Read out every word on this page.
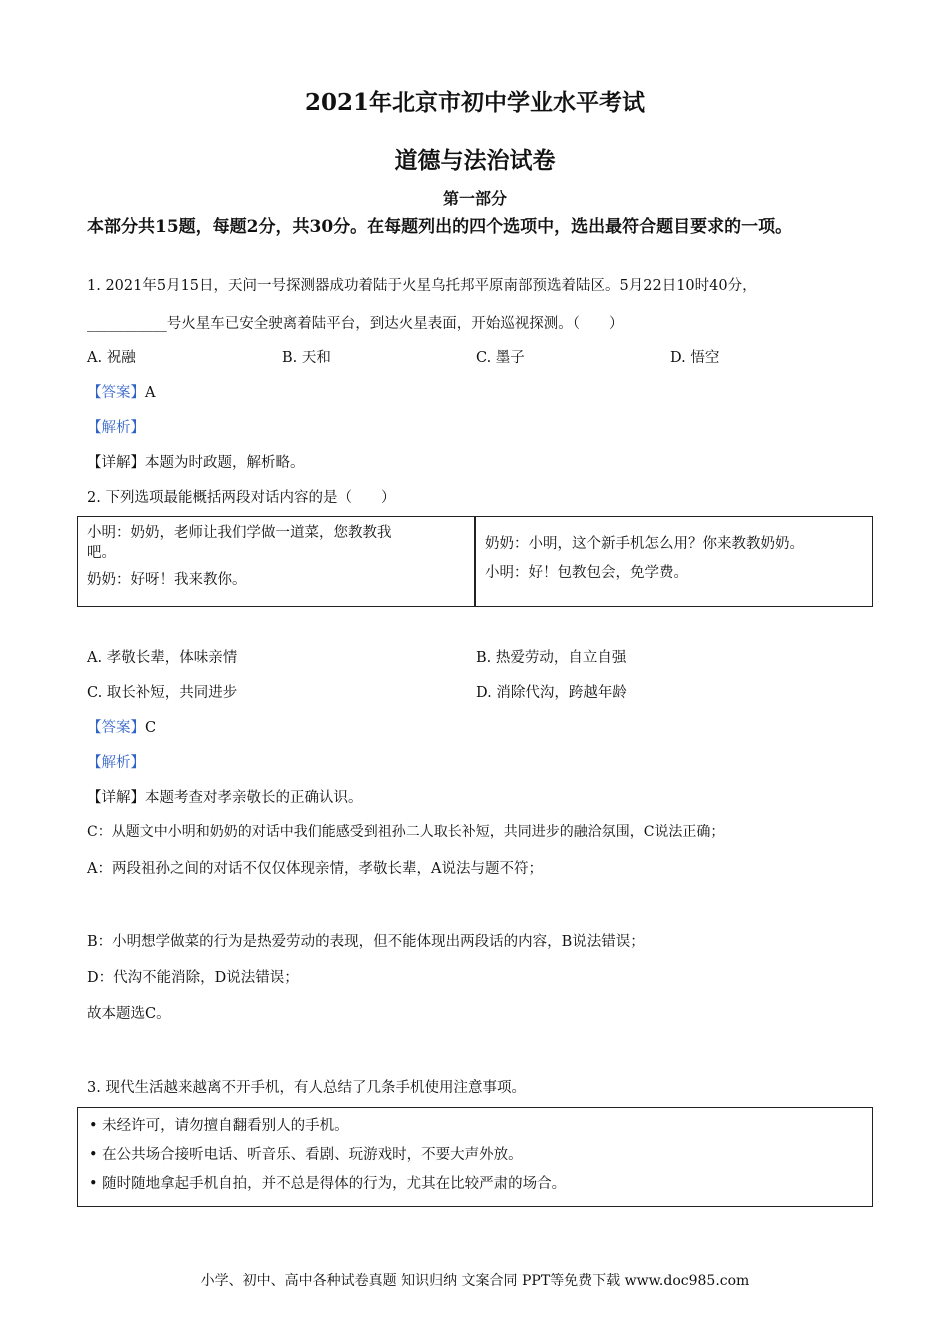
2021年北京市初中学业水平考试
道德与法治试卷
第一部分
本部分共15题，每题2分，共30分。在每题列出的四个选项中，选出最符合题目要求的一项。
1. 2021年5月15日，天问一号探测器成功着陆于火星乌托邦平原南部预选着陆区。5月22日10时40分，
___________号火星车已安全驶离着陆平台，到达火星表面，开始巡视探测。（　　）
A. 祝融	B. 天和	C. 墨子	D. 悟空
【答案】A
【解析】
【详解】本题为时政题，解析略。
2. 下列选项最能概括两段对话内容的是（　　）
小明：奶奶，老师让我们学做一道菜，您教教我
吧。
奶奶：好呀！我来教你。
奶奶：小明，这个新手机怎么用？你来教教奶奶。
小明：好！包教包会，免学费。
A. 孝敬长辈，体味亲情	B. 热爱劳动，自立自强
C. 取长补短，共同进步	D. 消除代沟，跨越年龄
【答案】C
【解析】
【详解】本题考查对孝亲敬长的正确认识。
C：从题文中小明和奶奶的对话中我们能感受到祖孙二人取长补短，共同进步的融洽氛围，C说法正确；
A：两段祖孙之间的对话不仅仅体现亲情，孝敬长辈，A说法与题不符；
B：小明想学做菜的行为是热爱劳动的表现，但不能体现出两段话的内容，B说法错误；
D：代沟不能消除，D说法错误；
故本题选C。
3. 现代生活越来越离不开手机，有人总结了几条手机使用注意事项。
• 未经许可，请勿擅自翻看别人的手机。
• 在公共场合接听电话、听音乐、看剧、玩游戏时，不要大声外放。
• 随时随地拿起手机自拍，并不总是得体的行为，尤其在比较严肃的场合。
小学、初中、高中各种试卷真题 知识归纳 文案合同 PPT等免费下载 www.doc985.com
